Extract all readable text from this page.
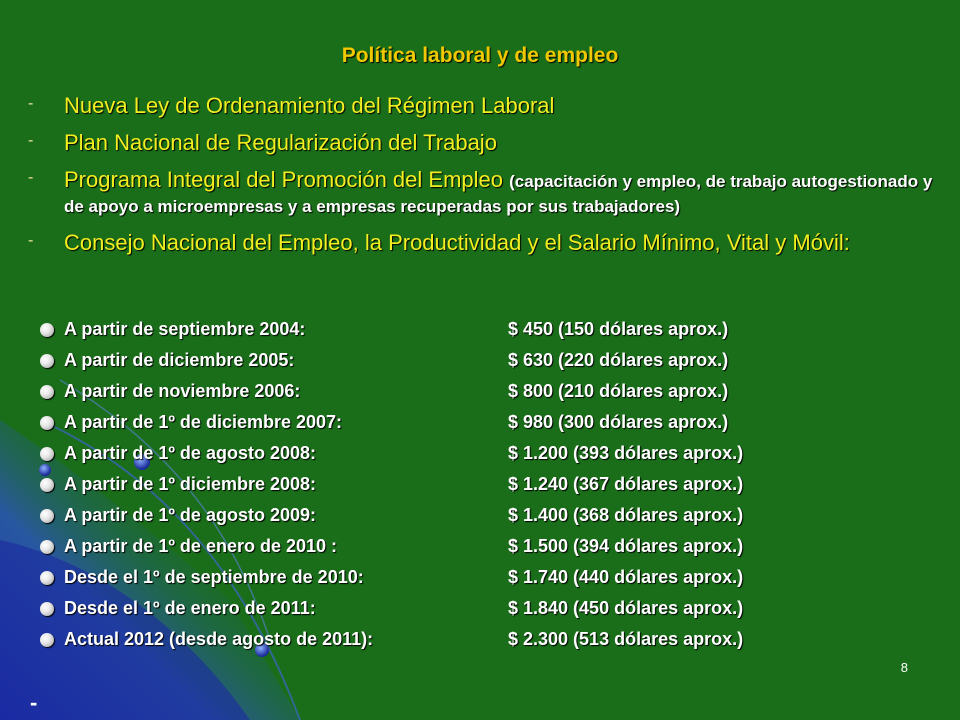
Política laboral y de empleo
- Nueva Ley de Ordenamiento del Régimen Laboral
- Plan Nacional de Regularización del Trabajo
- Programa Integral del Promoción del Empleo (capacitación y empleo, de trabajo autogestionado y de apoyo a microempresas y a empresas recuperadas por sus trabajadores)
- Consejo Nacional del Empleo, la Productividad y el Salario Mínimo, Vital y Móvil:
A partir de septiembre 2004:	$ 450 (150 dólares aprox.)
A partir de diciembre 2005:	$ 630 (220 dólares aprox.)
A partir de noviembre 2006:	$ 800 (210 dólares aprox.)
A partir de 1º de diciembre 2007:	$ 980 (300 dólares aprox.)
A partir de 1º de agosto 2008:	$ 1.200 (393 dólares aprox.)
A partir de 1º diciembre 2008:	$ 1.240 (367 dólares aprox.)
A partir de 1º de agosto 2009:	$ 1.400 (368 dólares aprox.)
A partir de 1º de enero de 2010 :	$ 1.500 (394 dólares aprox.)
Desde el 1º de septiembre de 2010:	$ 1.740 (440 dólares aprox.)
Desde el 1º de enero de 2011:	$ 1.840 (450 dólares aprox.)
Actual 2012 (desde agosto de 2011):	$ 2.300 (513 dólares aprox.)
8
-
